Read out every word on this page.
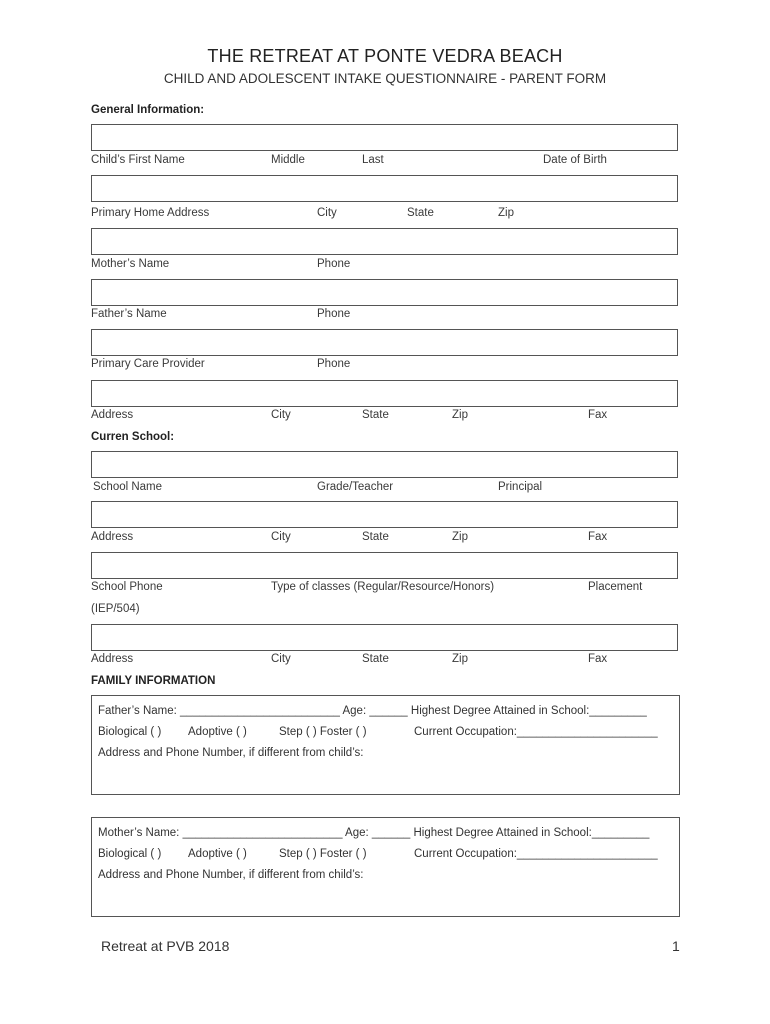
THE RETREAT AT PONTE VEDRA BEACH
CHILD AND ADOLESCENT INTAKE QUESTIONNAIRE - PARENT FORM
General Information:
Child’s First Name	Middle	Last	Date of Birth
Primary Home Address	City	State	Zip
Mother’s Name	Phone
Father’s Name	Phone
Primary Care Provider	Phone
Address	City	State	Zip	Fax
Curren School:
School Name	Grade/Teacher	Principal
Address	City	State	Zip	Fax
School Phone	Type of classes (Regular/Resource/Honors)	Placement
(IEP/504)
Address	City	State	Zip	Fax
FAMILY INFORMATION
Father’s Name: _________________________ Age: ______ Highest Degree Attained in School:_________
Biological ( ) Adoptive ( )	Step ( ) Foster ( )	Current Occupation:______________________
Address and Phone Number, if different from child’s:
Mother’s Name: _________________________ Age: ______ Highest Degree Attained in School:_________
Biological ( ) Adoptive ( )	Step ( ) Foster ( )	Current Occupation:______________________
Address and Phone Number, if different from child’s:
Retreat at PVB 2018	1
